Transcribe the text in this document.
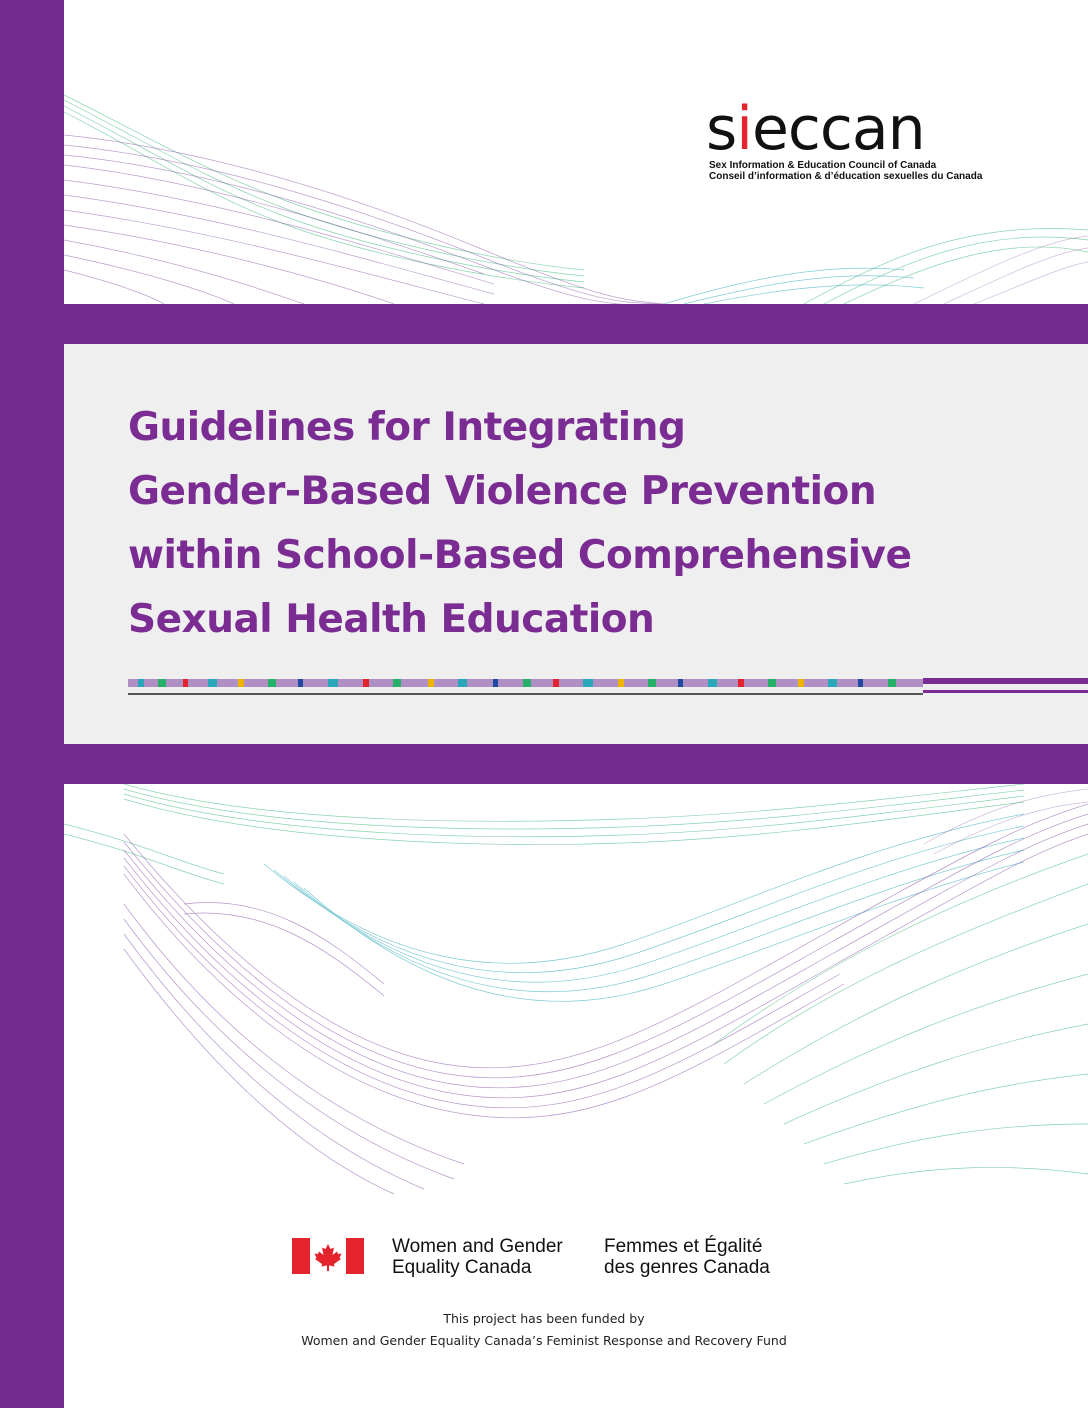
sieccan
Sex Information & Education Council of Canada
Conseil d’information & d’éducation sexuelles du Canada
Guidelines for Integrating
Gender-Based Violence Prevention
within School-Based Comprehensive
Sexual Health Education
Women and Gender
Equality Canada
Femmes et Égalité
des genres Canada
This project has been funded by
Women and Gender Equality Canada’s Feminist Response and Recovery Fund
